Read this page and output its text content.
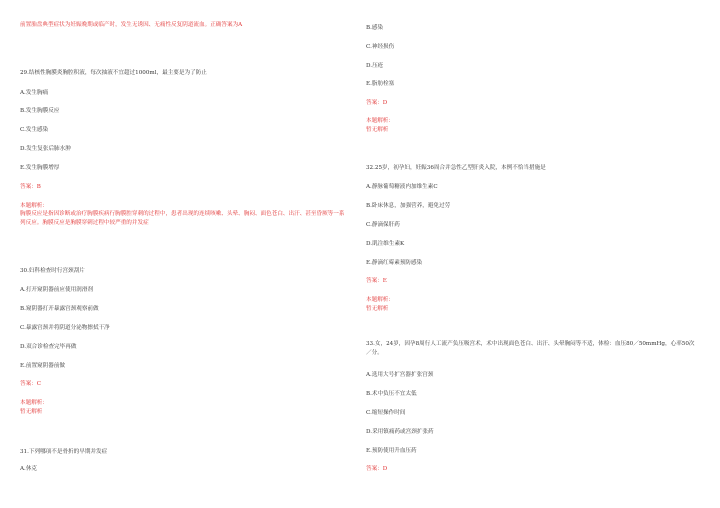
前置胎盘典型症状为妊娠晚期或临产时，发生无诱因、无痛性反复阴道流血。正确答案为A
29.结核性胸膜炎胸腔积液，每次抽液不宜超过1000ml，最主要是为了防止
A.发生胸痛
B.发生胸膜反应
C.发生感染
D.发生复张后肺水肿
E.发生胸膜增厚
答案：B
本题解析：
胸膜反应是指因诊断或治疗胸膜疾病行胸膜腔穿刺的过程中，患者出现的连续咳嗽、头晕、胸闷、面色苍白、出汗、甚至昏厥等一系列反应。胸膜反应是胸膜穿刺过程中较严重的并发症
30.妇科检查时行宫颈刮片
A.打开窥阴器前应使用润滑剂
B.窥阴器打开暴露宫颈观察前做
C.暴露宫颈并将阴道分泌物擦拭干净
D.双合诊检查完毕再做
E.前置窥阴器前做
答案：C
本题解析：
暂无解析
31.下列哪项不是骨折的早期并发症
A.休克
B.感染
C.神经损伤
D.压疮
E.脂肪栓塞
答案：D
本题解析：
暂无解析
32.25岁，初孕妇，妊娠36周合并急性乙型肝炎入院，本例不恰当措施是
A.静脉葡萄糖液内加维生素C
B.卧床休息，加强营养，避免过劳
C.静滴保肝药
D.肌注维生素K
E.静滴红霉素预防感染
答案：E
本题解析：
暂无解析
33.女，24岁，因孕8周行人工流产负压吸宫术，术中出现面色苍白、出汗、头晕胸闷等不适，体检：血压80／50mmHg，心率50次／分。
A.选用大号扩宫器扩张宫颈
B.术中负压不宜太低
C.缩短操作时间
D.采用镇痛药或宫颈扩张药
E.预防使用升血压药
答案：D
